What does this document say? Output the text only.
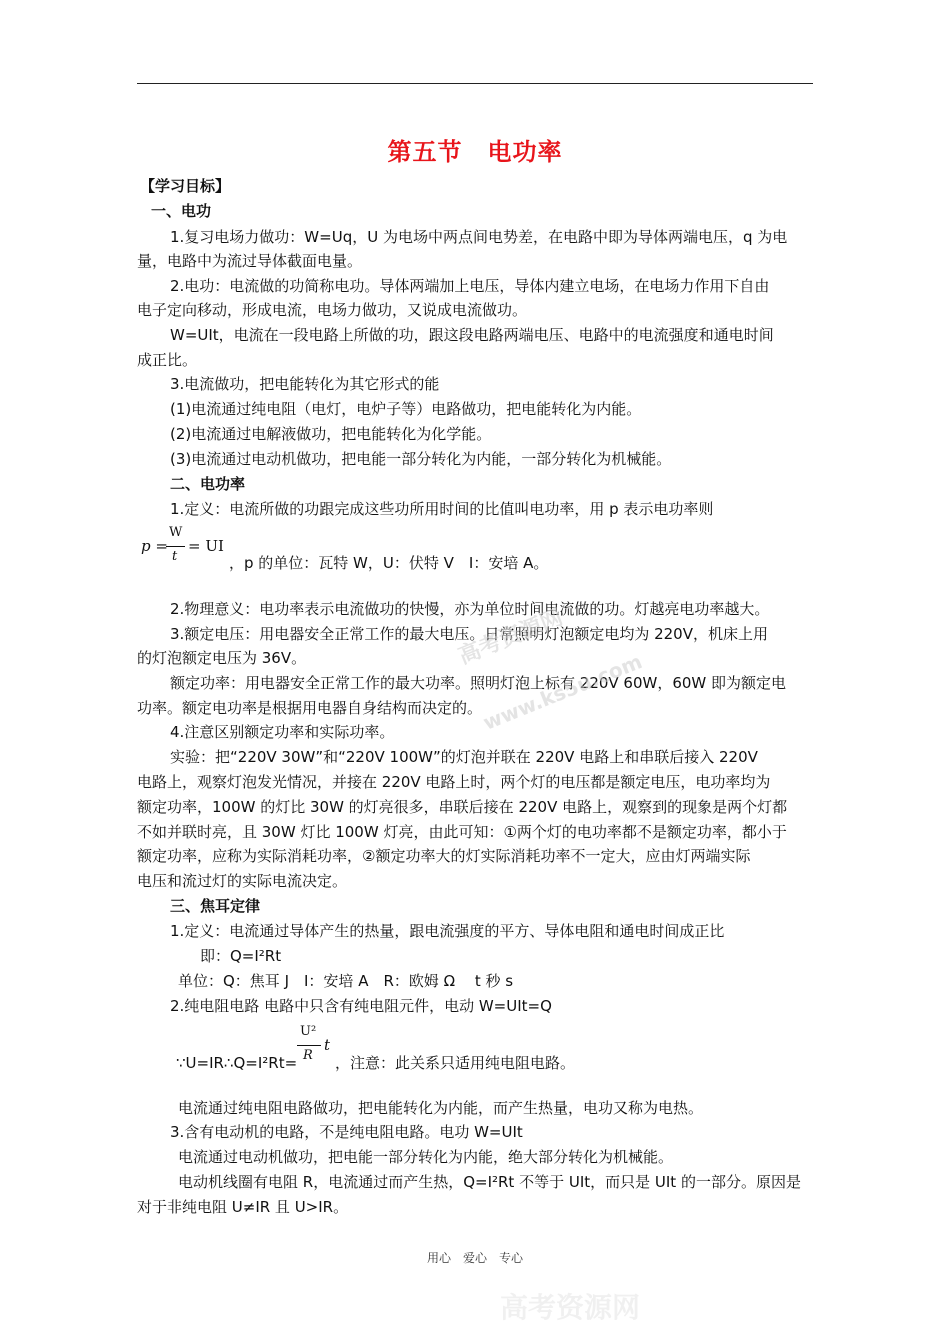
第五节　电功率
【学习目标】
一、电功
1.复习电场力做功：W=Uq，U 为电场中两点间电势差，在电路中即为导体两端电压，q 为电
量，电路中为流过导体截面电量。
2.电功：电流做的功简称电功。导体两端加上电压，导体内建立电场，在电场力作用下自由
电子定向移动，形成电流，电场力做功，又说成电流做功。
W=UIt，电流在一段电路上所做的功，跟这段电路两端电压、电路中的电流强度和通电时间
成正比。
3.电流做功，把电能转化为其它形式的能
(1)电流通过纯电阻（电灯，电炉子等）电路做功，把电能转化为内能。
(2)电流通过电解液做功，把电能转化为化学能。
(3)电流通过电动机做功，把电能一部分转化为内能，一部分转化为机械能。
二、电功率
1.定义：电流所做的功跟完成这些功所用时间的比值叫电功率，用 p 表示电功率则
p =
W
t
= UI
，p 的单位：瓦特 W，U：伏特 V　I：安培 A。
2.物理意义：电功率表示电流做功的快慢，亦为单位时间电流做的功。灯越亮电功率越大。
3.额定电压：用电器安全正常工作的最大电压。日常照明灯泡额定电均为 220V，机床上用
的灯泡额定电压为 36V。
额定功率：用电器安全正常工作的最大功率。照明灯泡上标有 220V 60W，60W 即为额定电
功率。额定电功率是根据用电器自身结构而决定的。
4.注意区别额定功率和实际功率。
实验：把“220V 30W”和“220V 100W”的灯泡并联在 220V 电路上和串联后接入 220V
电路上，观察灯泡发光情况，并接在 220V 电路上时，两个灯的电压都是额定电压，电功率均为
额定功率，100W 的灯比 30W 的灯亮很多，串联后接在 220V 电路上，观察到的现象是两个灯都
不如并联时亮，且 30W 灯比 100W 灯亮，由此可知：①两个灯的电功率都不是额定功率，都小于
额定功率，应称为实际消耗功率，②额定功率大的灯实际消耗功率不一定大，应由灯两端实际
电压和流过灯的实际电流决定。
三、焦耳定律
1.定义：电流通过导体产生的热量，跟电流强度的平方、导体电阻和通电时间成正比
即：Q=I²Rt
单位：Q：焦耳 J　I：安培 A　R：欧姆 Ω　 t 秒 s
2.纯电阻电路 电路中只含有纯电阻元件，电动 W=UIt=Q
∵U=IR∴Q=I²Rt=
U²
R
t
，注意：此关系只适用纯电阻电路。
电流通过纯电阻电路做功，把电能转化为内能，而产生热量，电功又称为电热。
3.含有电动机的电路，不是纯电阻电路。电功 W=UIt
电流通过电动机做功，把电能一部分转化为内能，绝大部分转化为机械能。
电动机线圈有电阻 R，电流通过而产生热，Q=I²Rt 不等于 UIt，而只是 UIt 的一部分。原因是
对于非纯电阻 U≠IR 且 U>IR。
用心　爱心　专心
高考资源网
www.ks5u.com
高考资源网
